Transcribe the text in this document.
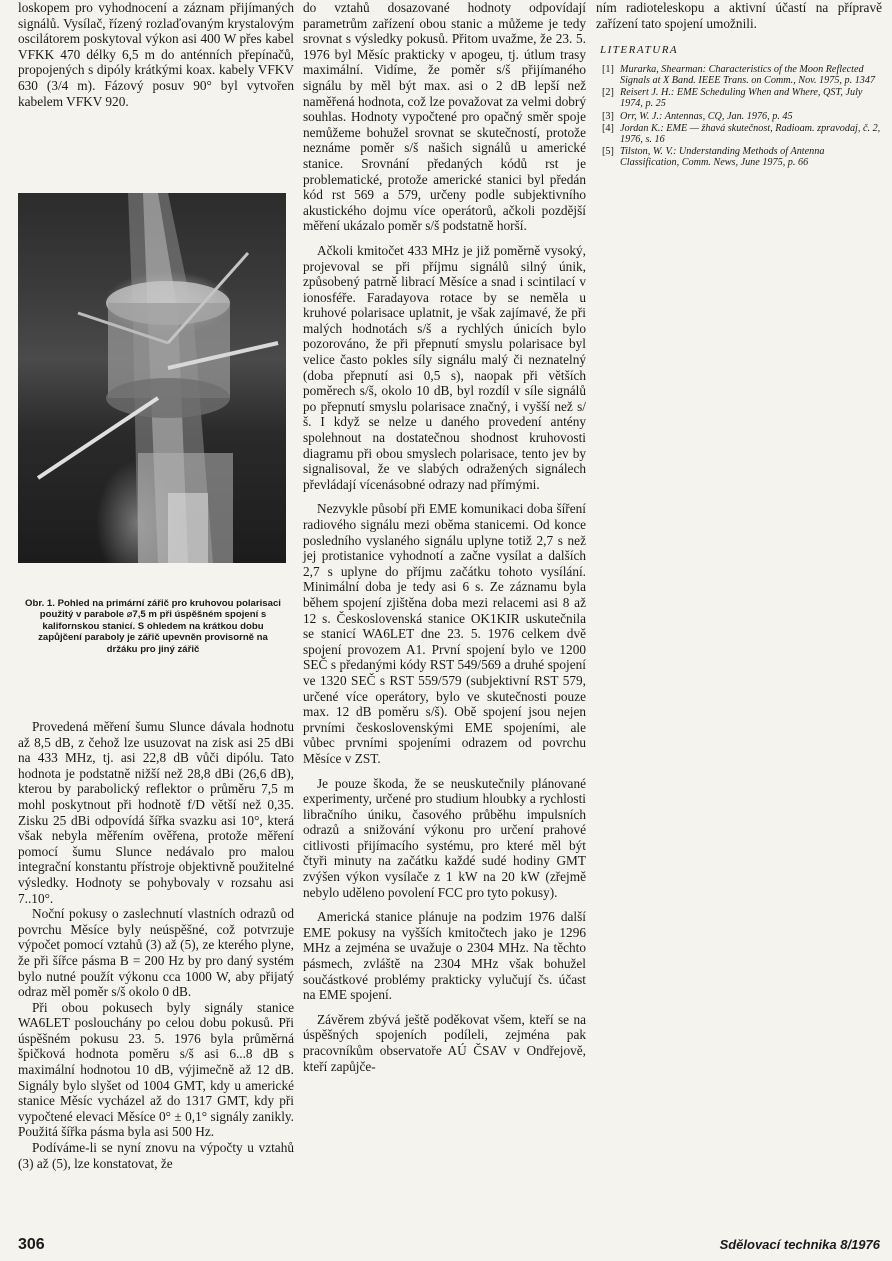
loskopem pro vyhodnocení a záznam přijímaných signálů. Vysílač, řízený rozlaďovaným krystalovým oscilátorem poskytoval výkon asi 400 W přes kabel VFKK 470 délky 6,5 m do anténních přepínačů, propojených s dipóly krátkými koax. kabely VFKV 630 (3/4 m). Fázový posuv 90° byl vytvořen kabelem VFKV 920.

Obr. 1. Pohled na primární zářič pro kruhovou polarisaci použitý v parabole ⌀7,5 m při úspěšném spojení s kalifornskou stanicí. S ohledem na krátkou dobu zapůjčení paraboly je zářič upevněn provisorně na držáku pro jiný zářič

Provedená měření šumu Slunce dávala hodnotu až 8,5 dB, z čehož lze usuzovat na zisk asi 25 dBi na 433 MHz, tj. asi 22,8 dB vůči dipólu. Tato hodnota je podstatně nižší než 28,8 dBi (26,6 dB), kterou by parabolický reflektor o průměru 7,5 m mohl poskytnout při hodnotě f/D větší než 0,35. Zisku 25 dBi odpovídá šířka svazku asi 10°, která však nebyla měřením ověřena, protože měření pomocí šumu Slunce nedávalo pro malou integrační konstantu přístroje objektivně použitelné výsledky. Hodnoty se pohybovaly v rozsahu asi 7..10°.

Noční pokusy o zaslechnutí vlastních odrazů od povrchu Měsíce byly neúspěšné, což potvrzuje výpočet pomocí vztahů (3) až (5), ze kterého plyne, že při šířce pásma B = 200 Hz by pro daný systém bylo nutné použít výkonu cca 1000 W, aby přijatý odraz měl poměr s/š okolo 0 dB.

Při obou pokusech byly signály stanice WA6LET poslouchány po celou dobu pokusů. Při úspěšném pokusu 23. 5. 1976 byla průměrná špičková hodnota poměru s/š asi 6...8 dB s maximální hodnotou 10 dB, výjimečně až 12 dB. Signály bylo slyšet od 1004 GMT, kdy u americké stanice Měsíc vycházel až do 1317 GMT, kdy při vypočtené elevaci Měsíce 0° ± 0,1° signály zanikly. Použitá šířka pásma byla asi 500 Hz.

Podíváme-li se nyní znovu na výpočty u vztahů (3) až (5), lze konstatovat, že

do vztahů dosazované hodnoty odpovídají parametrům zařízení obou stanic a můžeme je tedy srovnat s výsledky pokusů. Přitom uvažme, že 23. 5. 1976 byl Měsíc prakticky v apogeu, tj. útlum trasy maximální. Vidíme, že poměr s/š přijímaného signálu by měl být max. asi o 2 dB lepší než naměřená hodnota, což lze považovat za velmi dobrý souhlas. Hodnoty vypočtené pro opačný směr spoje nemůžeme bohužel srovnat se skutečností, protože neznáme poměr s/š našich signálů u americké stanice. Srovnání předaných kódů rst je problematické, protože americké stanici byl předán kód rst 569 a 579, určeny podle subjektivního akustického dojmu více operátorů, ačkoli pozdější měření ukázalo poměr s/š podstatně horší.

Ačkoli kmitočet 433 MHz je již poměrně vysoký, projevoval se při příjmu signálů silný únik, způsobený patrně librací Měsíce a snad i scintilací v ionosféře. Faradayova rotace by se neměla u kruhové polarisace uplatnit, je však zajímavé, že při malých hodnotách s/š a rychlých únicích bylo pozorováno, že při přepnutí smyslu polarisace byl velice často pokles síly signálu malý či neznatelný (doba přepnutí asi 0,5 s), naopak při větších poměrech s/š, okolo 10 dB, byl rozdíl v síle signálů po přepnutí smyslu polarisace značný, i vyšší než s/š. I když se nelze u daného provedení antény spolehnout na dostatečnou shodnost kruhovosti diagramu při obou smyslech polarisace, tento jev by signalisoval, že ve slabých odražených signálech převládají vícenásobné odrazy nad přímými.

Nezvykle působí při EME komunikaci doba šíření radiového signálu mezi oběma stanicemi. Od konce posledního vyslaného signálu uplyne totiž 2,7 s než jej protistanice vyhodnotí a začne vysílat a dalších 2,7 s uplyne do příjmu začátku tohoto vysílání. Minimální doba je tedy asi 6 s. Ze záznamu byla během spojení zjištěna doba mezi relacemi asi 8 až 12 s. Československá stanice OK1KIR uskutečnila se stanicí WA6LET dne 23. 5. 1976 celkem dvě spojení provozem A1. První spojení bylo ve 1200 SEČ s předanými kódy RST 549/569 a druhé spojení ve 1320 SEČ s RST 559/579 (subjektivní RST 579, určené více operátory, bylo ve skutečnosti pouze max. 12 dB poměru s/š). Obě spojení jsou nejen prvními československými EME spojeními, ale vůbec prvními spojeními odrazem od povrchu Měsíce v ZST.

Je pouze škoda, že se neuskutečnily plánované experimenty, určené pro studium hloubky a rychlosti libračního úniku, časového průběhu impulsních odrazů a snižování výkonu pro určení prahové citlivosti přijímacího systému, pro které měl být čtyři minuty na začátku každé sudé hodiny GMT zvýšen výkon vysílače z 1 kW na 20 kW (zřejmě nebylo uděleno povolení FCC pro tyto pokusy).

Americká stanice plánuje na podzim 1976 další EME pokusy na vyšších kmitočtech jako je 1296 MHz a zejména se uvažuje o 2304 MHz. Na těchto pásmech, zvláště na 2304 MHz však bohužel součástkové problémy prakticky vylučují čs. účast na EME spojení.

Závěrem zbývá ještě poděkovat všem, kteří se na úspěšných spojeních podíleli, zejména pak pracovníkům observatoře AÚ ČSAV v Ondřejově, kteří zapůjče-

ním radioteleskopu a aktivní účastí na přípravě zařízení tato spojení umožnili.

LITERATURA
[1] Murarka, Shearman: Characteristics of the Moon Reflected Signals at X Band. IEEE Trans. on Comm., Nov. 1975, p. 1347
[2] Reisert J. H.: EME Scheduling When and Where, QST, July 1974, p. 25
[3] Orr, W. J.: Antennas, CQ, Jan. 1976, p. 45
[4] Jordan K.: EME — žhavá skutečnost, Radioam. zpravodaj, č. 2, 1976, s. 16
[5] Tilston, W. V.: Understanding Methods of Antenna Classification, Comm. News, June 1975, p. 66
306	Sdělovací technika 8/1976
